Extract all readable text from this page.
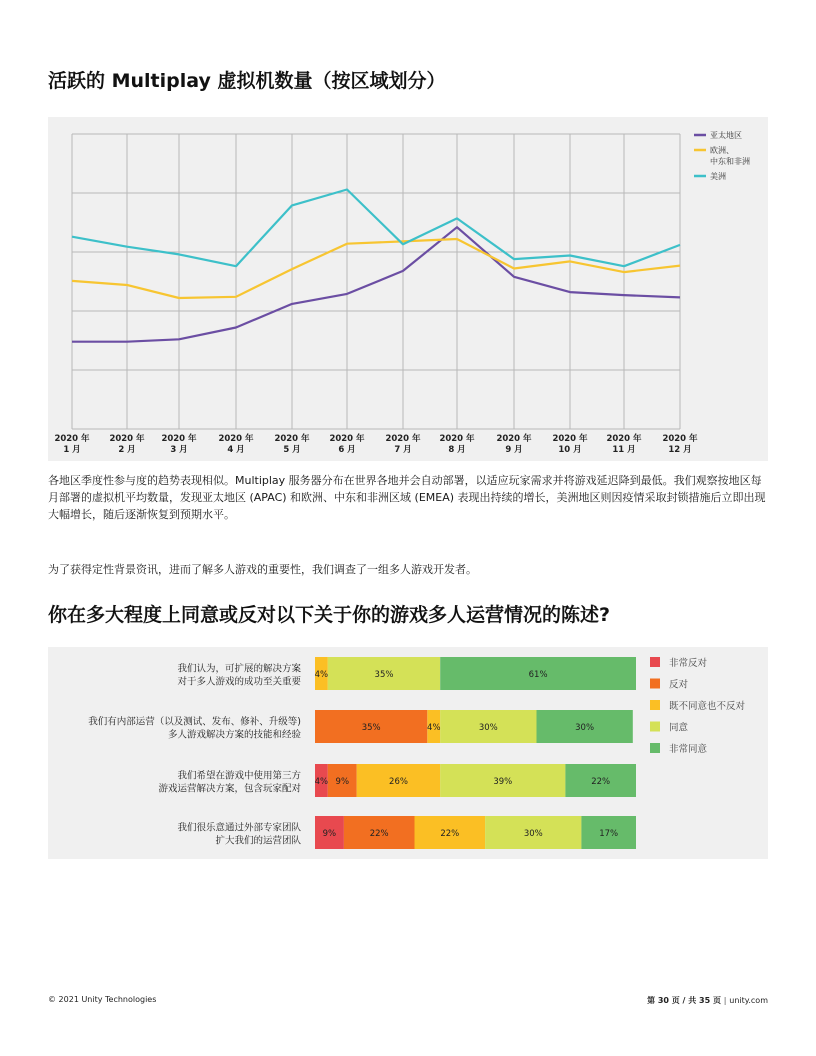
活跃的 Multiplay 虚拟机数量（按区域划分）
2020 年 1 月
2020 年 2 月
2020 年 3 月
2020 年 4 月
2020 年 5 月
2020 年 6 月
2020 年 7 月
2020 年 8 月
2020 年 9 月
2020 年 10 月
2020 年 11 月
2020 年 12 月
亚太地区
欧洲、
中东和非洲
美洲

各地区季度性参与度的趋势表现相似。Multiplay 服务器分布在世界各地并会自动部署，以适应玩家需求并将游戏延迟降到最低。我们观察按地区每月部署的虚拟机平均数量，发现亚太地区 (APAC) 和欧洲、中东和非洲区域 (EMEA) 表现出持续的增长，美洲地区则因疫情采取封锁措施后立即出现大幅增长，随后逐渐恢复到预期水平。

为了获得定性背景资讯，进而了解多人游戏的重要性，我们调查了一组多人游戏开发者。

你在多大程度上同意或反对以下关于你的游戏多人运营情况的陈述?
我们认为，可扩展的解决方案
对于多人游戏的成功至关重要
4%	35%	61%
我们有内部运营（以及测试、发布、修补、升级等)
多人游戏解决方案的技能和经验
35%	4%	30%	30%
我们希望在游戏中使用第三方
游戏运营解决方案，包含玩家配对
4% 9%	26%	39%	22%
我们很乐意通过外部专家团队
扩大我们的运营团队
9%	22%	22%	30%	17%
非常反对
反对
既不同意也不反对
同意
非常同意
© 2021 Unity Technologies	第 30 页 / 共 35 页 | unity.com
